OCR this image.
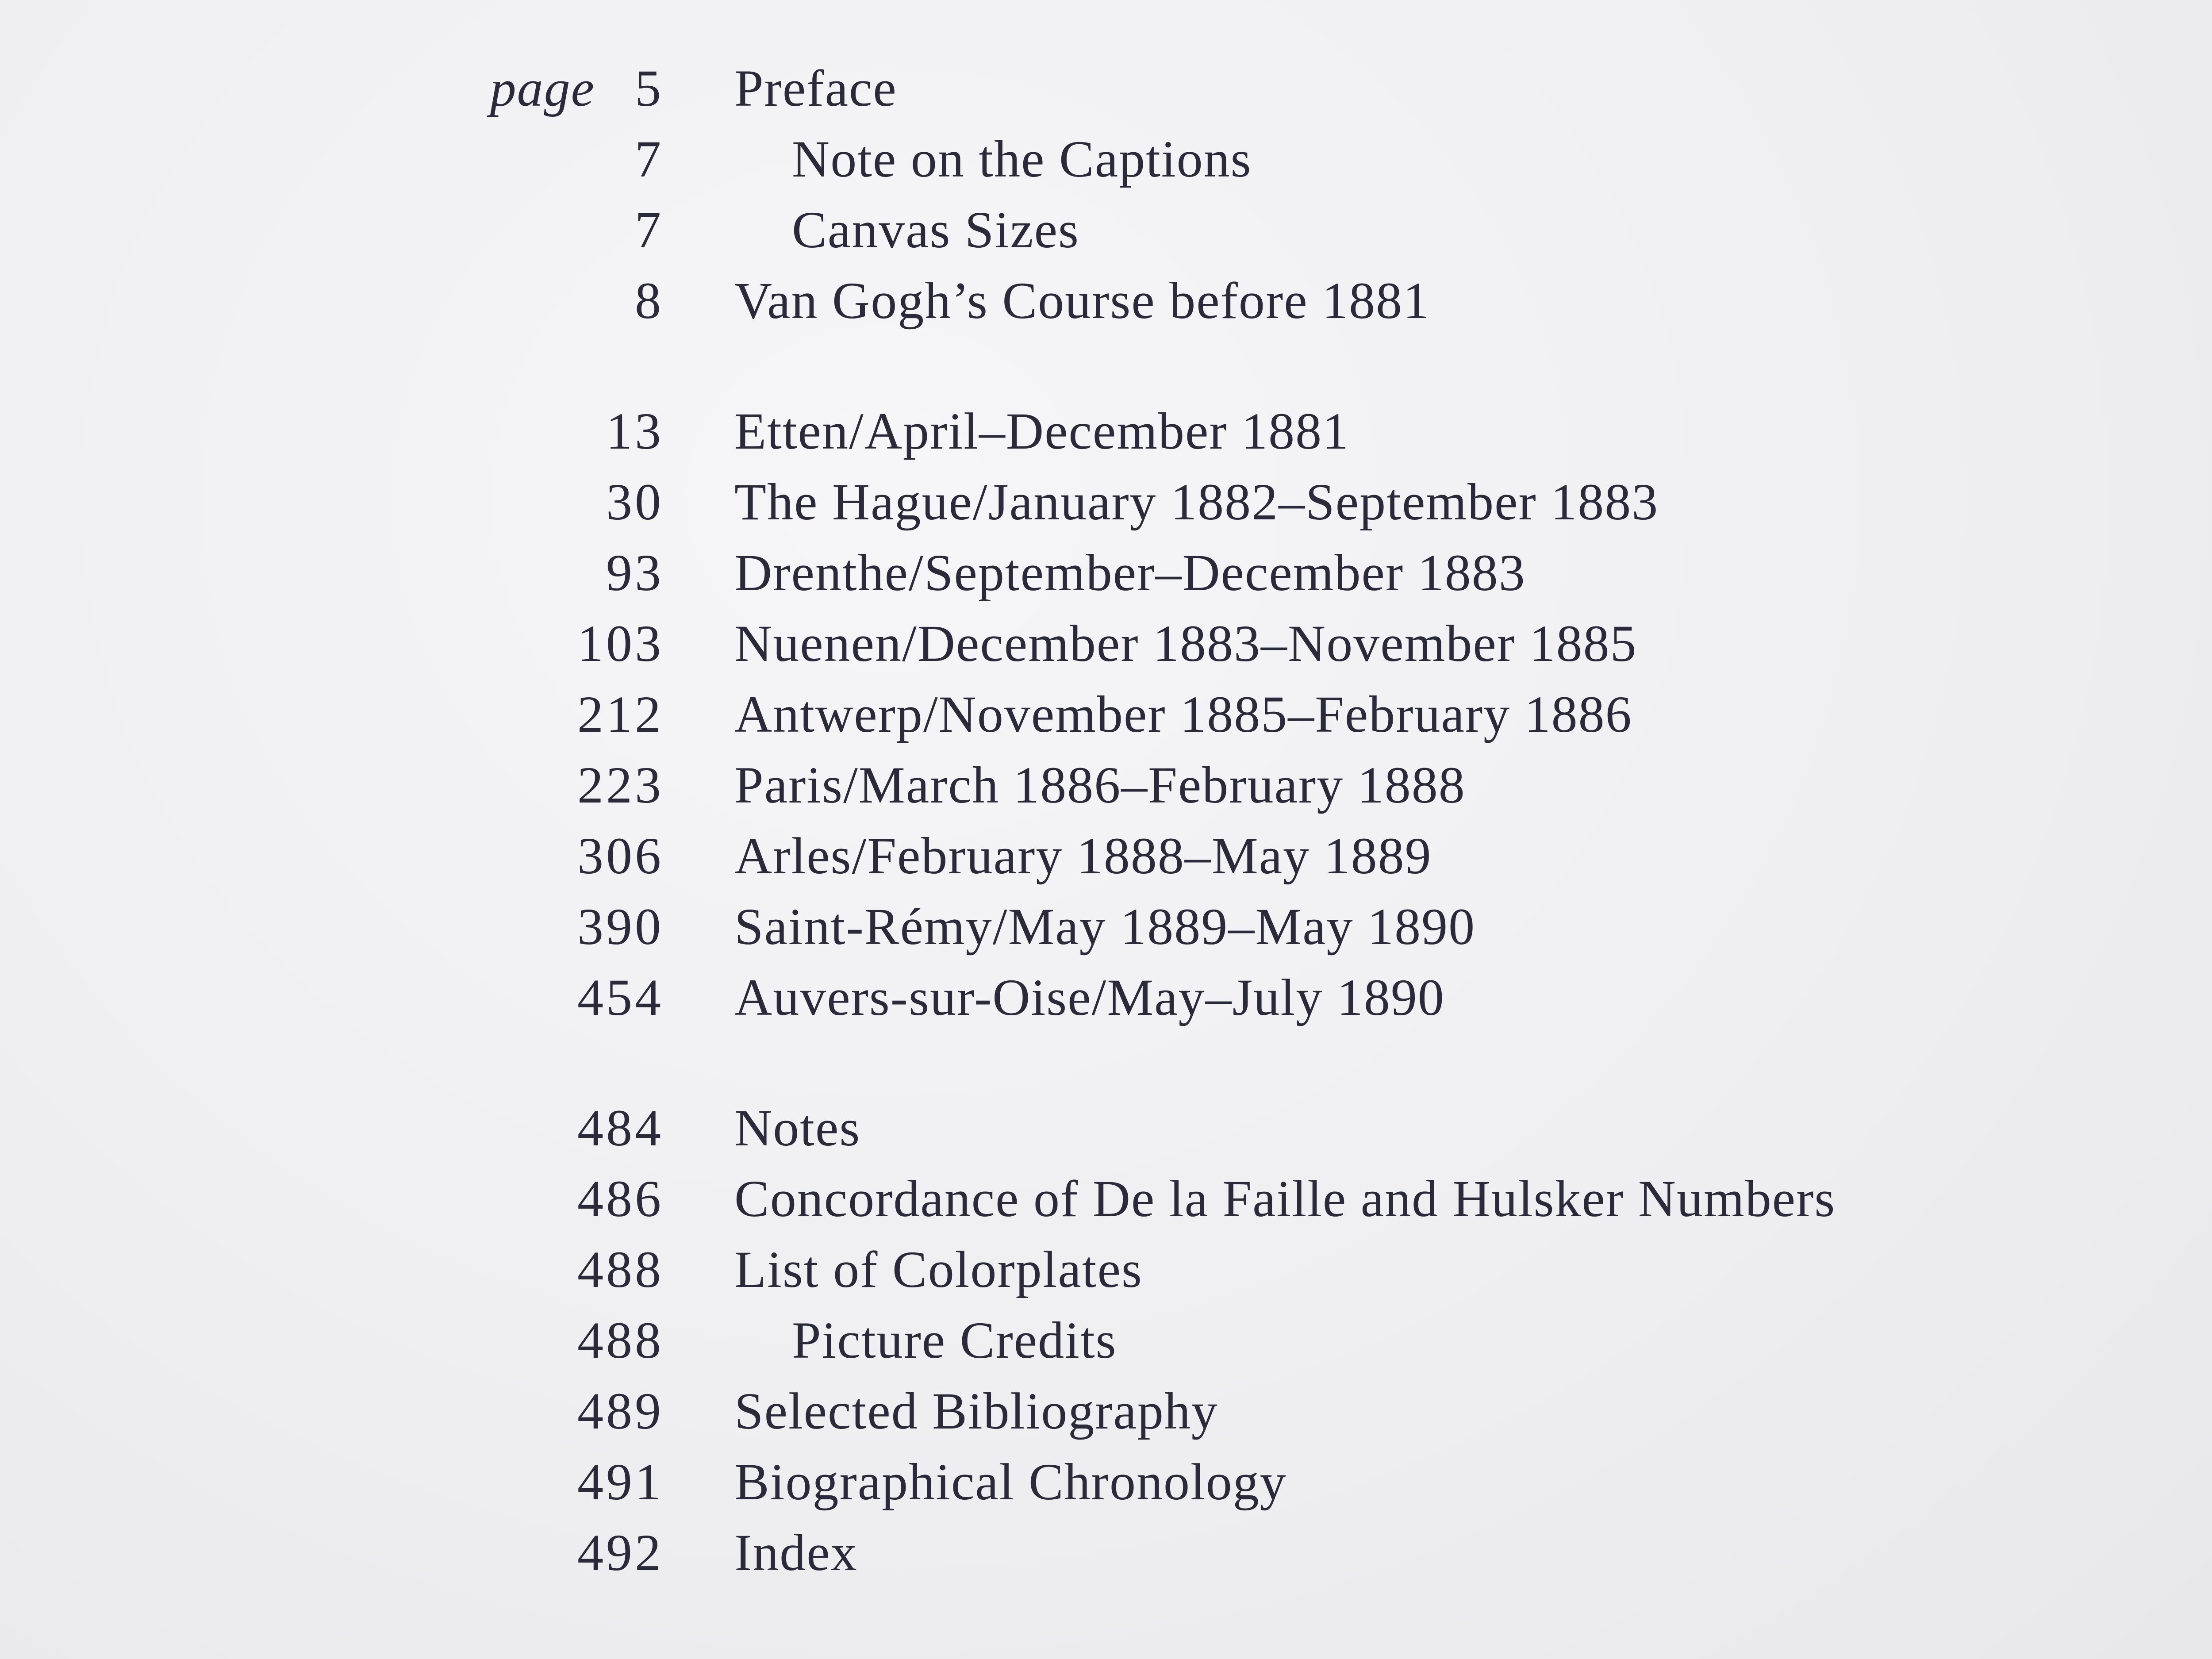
page 5	Preface
7	Note on the Captions
7	Canvas Sizes
8	Van Gogh’s Course before 1881
13	Etten/April–December 1881
30	The Hague/January 1882–September 1883
93	Drenthe/September–December 1883
103	Nuenen/December 1883–November 1885
212	Antwerp/November 1885–February 1886
223	Paris/March 1886–February 1888
306	Arles/February 1888–May 1889
390	Saint-Rémy/May 1889–May 1890
454	Auvers-sur-Oise/May–July 1890
484	Notes
486	Concordance of De la Faille and Hulsker Numbers
488	List of Colorplates
488	Picture Credits
489	Selected Bibliography
491	Biographical Chronology
492	Index
